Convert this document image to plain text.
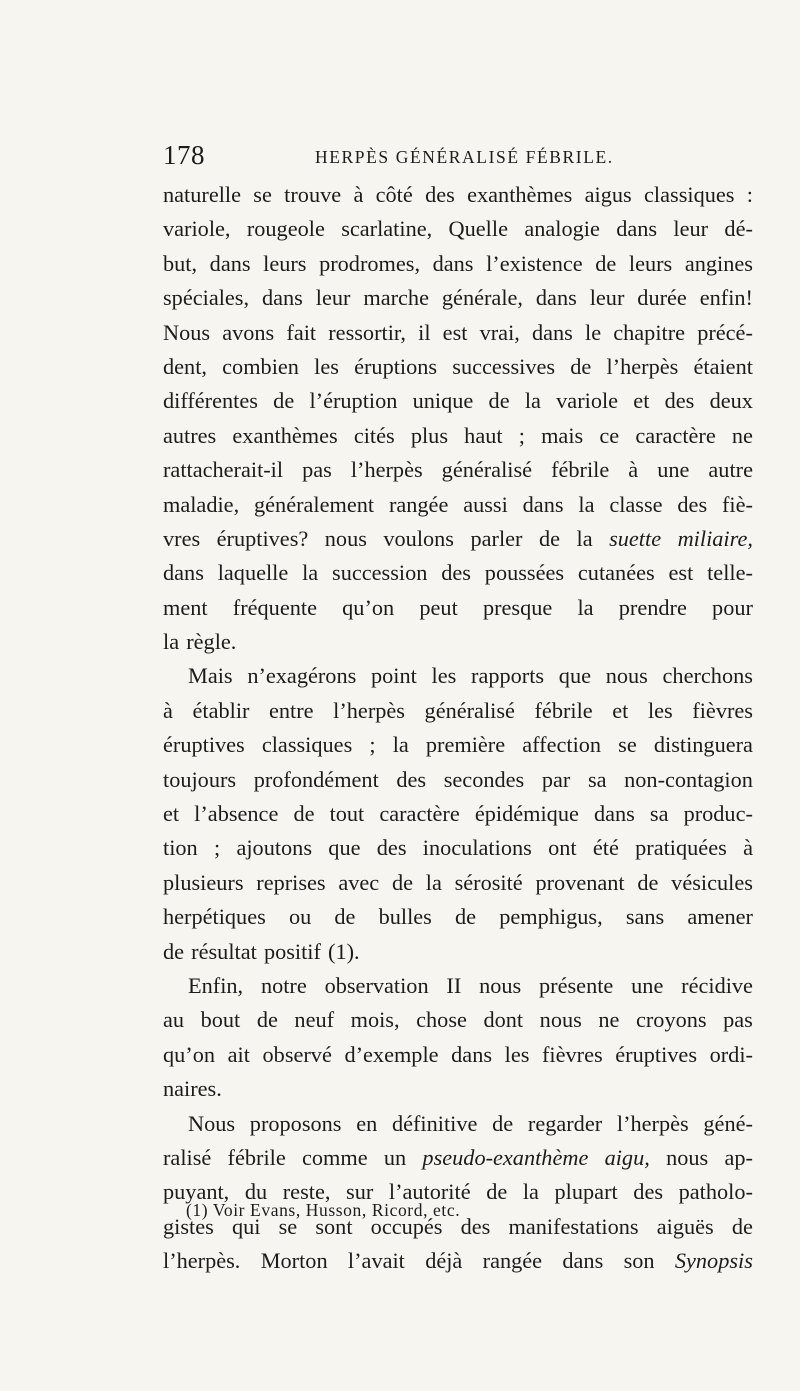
178	HERPÈS GÉNÉRALISÉ FÉBRILE.
naturelle se trouve à côté des exanthèmes aigus classiques :
variole, rougeole scarlatine, Quelle analogie dans leur dé-
but, dans leurs prodromes, dans l’existence de leurs angines
spéciales, dans leur marche générale, dans leur durée enfin!
Nous avons fait ressortir, il est vrai, dans le chapitre précé-
dent, combien les éruptions successives de l’herpès étaient
différentes de l’éruption unique de la variole et des deux
autres exanthèmes cités plus haut ; mais ce caractère ne
rattacherait-il pas l’herpès généralisé fébrile à une autre
maladie, généralement rangée aussi dans la classe des fiè-
vres éruptives? nous voulons parler de la suette miliaire,
dans laquelle la succession des poussées cutanées est telle-
ment fréquente qu’on peut presque la prendre pour
la règle.
Mais n’exagérons point les rapports que nous cherchons
à établir entre l’herpès généralisé fébrile et les fièvres
éruptives classiques ; la première affection se distinguera
toujours profondément des secondes par sa non-contagion
et l’absence de tout caractère épidémique dans sa produc-
tion ; ajoutons que des inoculations ont été pratiquées à
plusieurs reprises avec de la sérosité provenant de vésicules
herpétiques ou de bulles de pemphigus, sans amener
de résultat positif (1).
Enfin, notre observation II nous présente une récidive
au bout de neuf mois, chose dont nous ne croyons pas
qu’on ait observé d’exemple dans les fièvres éruptives ordi-
naires.
Nous proposons en définitive de regarder l’herpès géné-
ralisé fébrile comme un pseudo-exanthème aigu, nous ap-
puyant, du reste, sur l’autorité de la plupart des patholo-
gistes qui se sont occupés des manifestations aiguës de
l’herpès. Morton l’avait déjà rangée dans son Synopsis
(1) Voir Evans, Husson, Ricord, etc.
